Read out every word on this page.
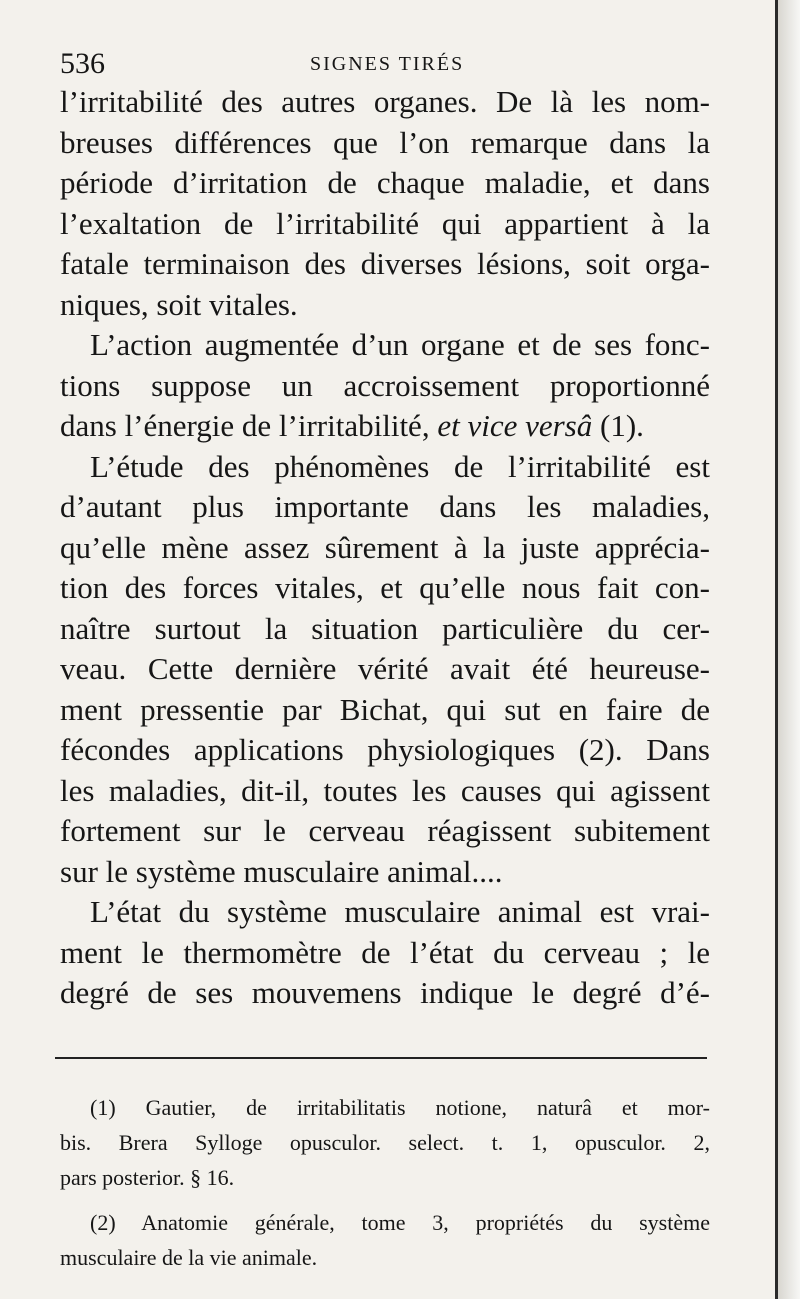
536	SIGNES TIRÉS
l’irritabilité des autres organes. De là les nom-
breuses différences que l’on remarque dans la
période d’irritation de chaque maladie, et dans
l’exaltation de l’irritabilité qui appartient à la
fatale terminaison des diverses lésions, soit orga-
niques, soit vitales.
L’action augmentée d’un organe et de ses fonc-
tions suppose un accroissement proportionné
dans l’énergie de l’irritabilité, et vice versâ (1).
L’étude des phénomènes de l’irritabilité est
d’autant plus importante dans les maladies,
qu’elle mène assez sûrement à la juste apprécia-
tion des forces vitales, et qu’elle nous fait con-
naître surtout la situation particulière du cer-
veau. Cette dernière vérité avait été heureuse-
ment pressentie par Bichat, qui sut en faire de
fécondes applications physiologiques (2). Dans
les maladies, dit-il, toutes les causes qui agissent
fortement sur le cerveau réagissent subitement
sur le système musculaire animal....
L’état du système musculaire animal est vrai-
ment le thermomètre de l’état du cerveau ; le
degré de ses mouvemens indique le degré d’é-
(1) Gautier, de irritabilitatis notione, naturâ et mor-
bis. Brera Sylloge opusculor. select. t. 1, opusculor. 2,
pars posterior. § 16.
(2) Anatomie générale, tome 3, propriétés du système
musculaire de la vie animale.
